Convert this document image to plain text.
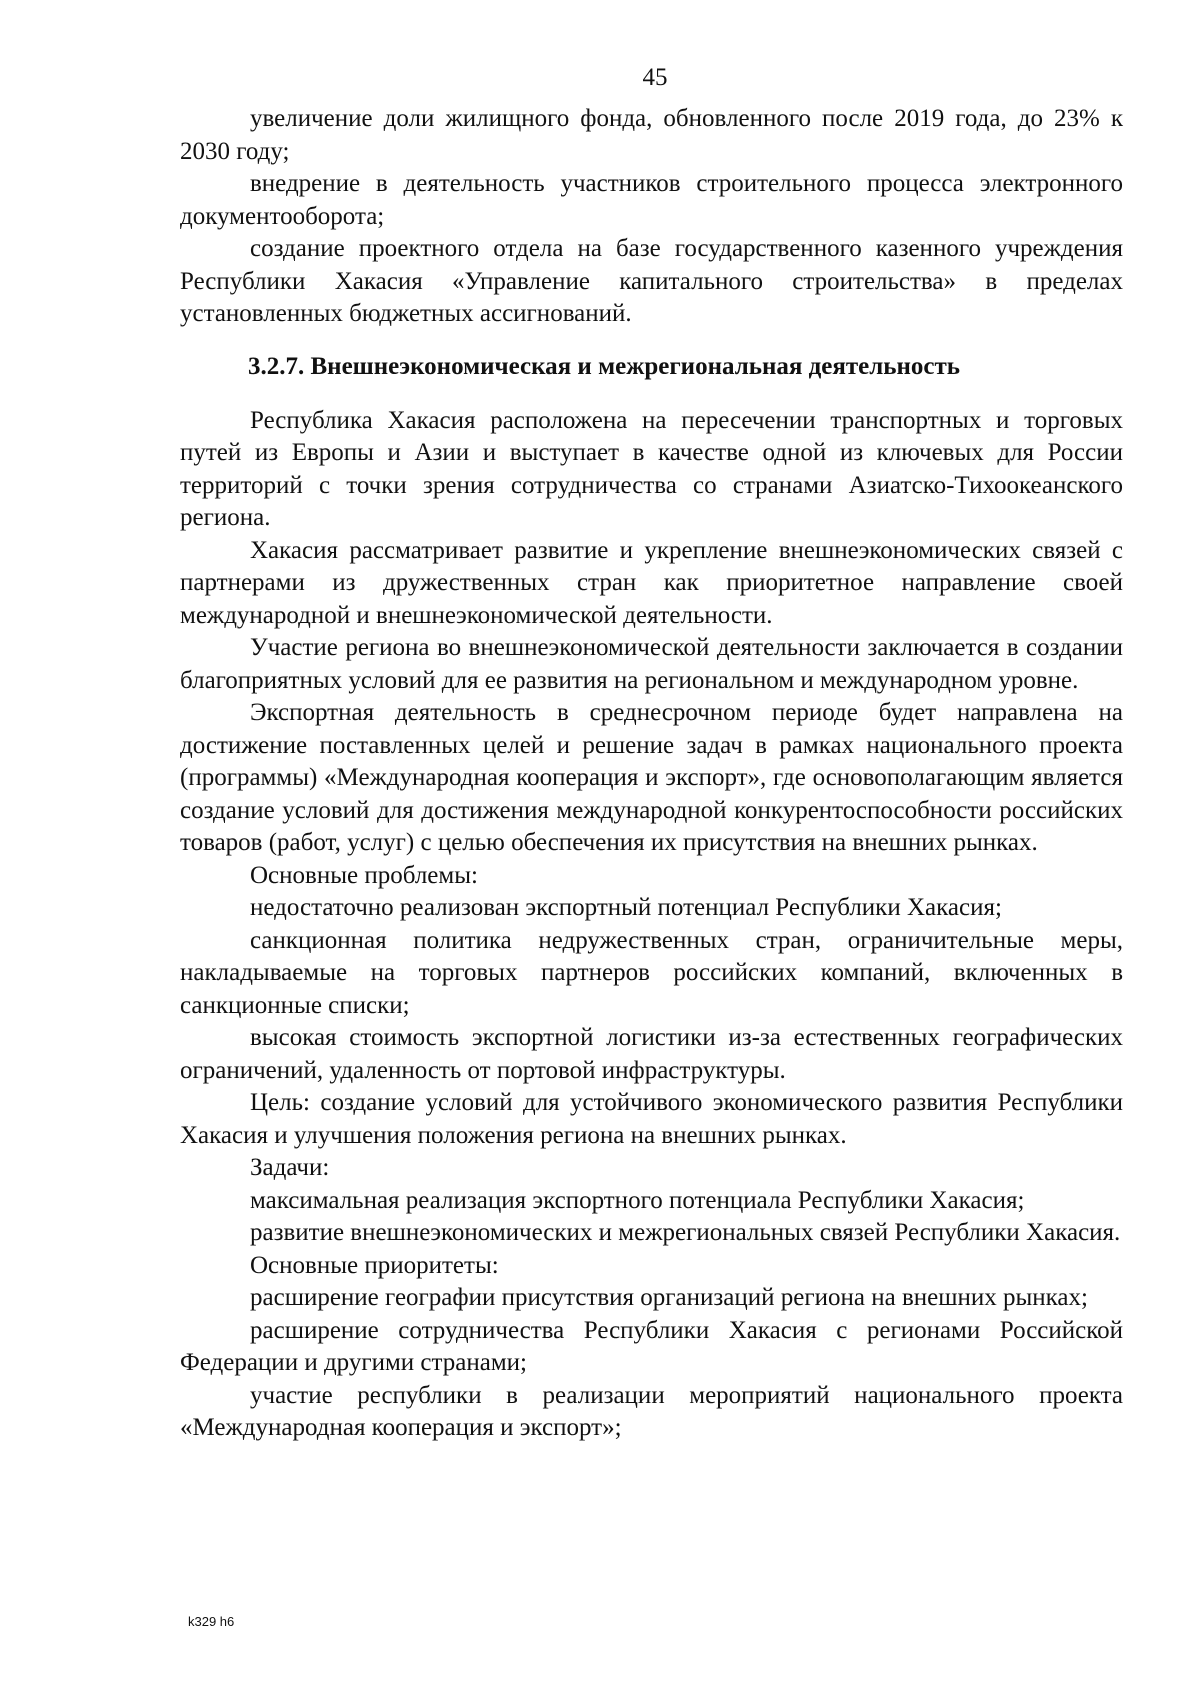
45

увеличение доли жилищного фонда, обновленного после 2019 года, до 23% к 2030 году;

внедрение в деятельность участников строительного процесса электронного документооборота;

создание проектного отдела на базе государственного казенного учреждения Республики Хакасия «Управление капитального строительства» в пределах установленных бюджетных ассигнований.

3.2.7. Внешнеэкономическая и межрегиональная деятельность

Республика Хакасия расположена на пересечении транспортных и торговых путей из Европы и Азии и выступает в качестве одной из ключевых для России территорий с точки зрения сотрудничества со странами Азиатско-Тихоокеанского региона.

Хакасия рассматривает развитие и укрепление внешнеэкономических связей с партнерами из дружественных стран как приоритетное направление своей международной и внешнеэкономической деятельности.

Участие региона во внешнеэкономической деятельности заключается в создании благоприятных условий для ее развития на региональном и международном уровне.

Экспортная деятельность в среднесрочном периоде будет направлена на достижение поставленных целей и решение задач в рамках национального проекта (программы) «Международная кооперация и экспорт», где основополагающим является создание условий для достижения международной конкурентоспособности российских товаров (работ, услуг) с целью обеспечения их присутствия на внешних рынках.

Основные проблемы:

недостаточно реализован экспортный потенциал Республики Хакасия;

санкционная политика недружественных стран, ограничительные меры, накладываемые на торговых партнеров российских компаний, включенных в санкционные списки;

высокая стоимость экспортной логистики из-за естественных географических ограничений, удаленность от портовой инфраструктуры.

Цель: создание условий для устойчивого экономического развития Республики Хакасия и улучшения положения региона на внешних рынках.

Задачи:

максимальная реализация экспортного потенциала Республики Хакасия;

развитие внешнеэкономических и межрегиональных связей Республики Хакасия.

Основные приоритеты:

расширение географии присутствия организаций региона на внешних рынках;

расширение сотрудничества Республики Хакасия с регионами Российской Федерации и другими странами;

участие республики в реализации мероприятий национального проекта «Международная кооперация и экспорт»;

k329 h6
